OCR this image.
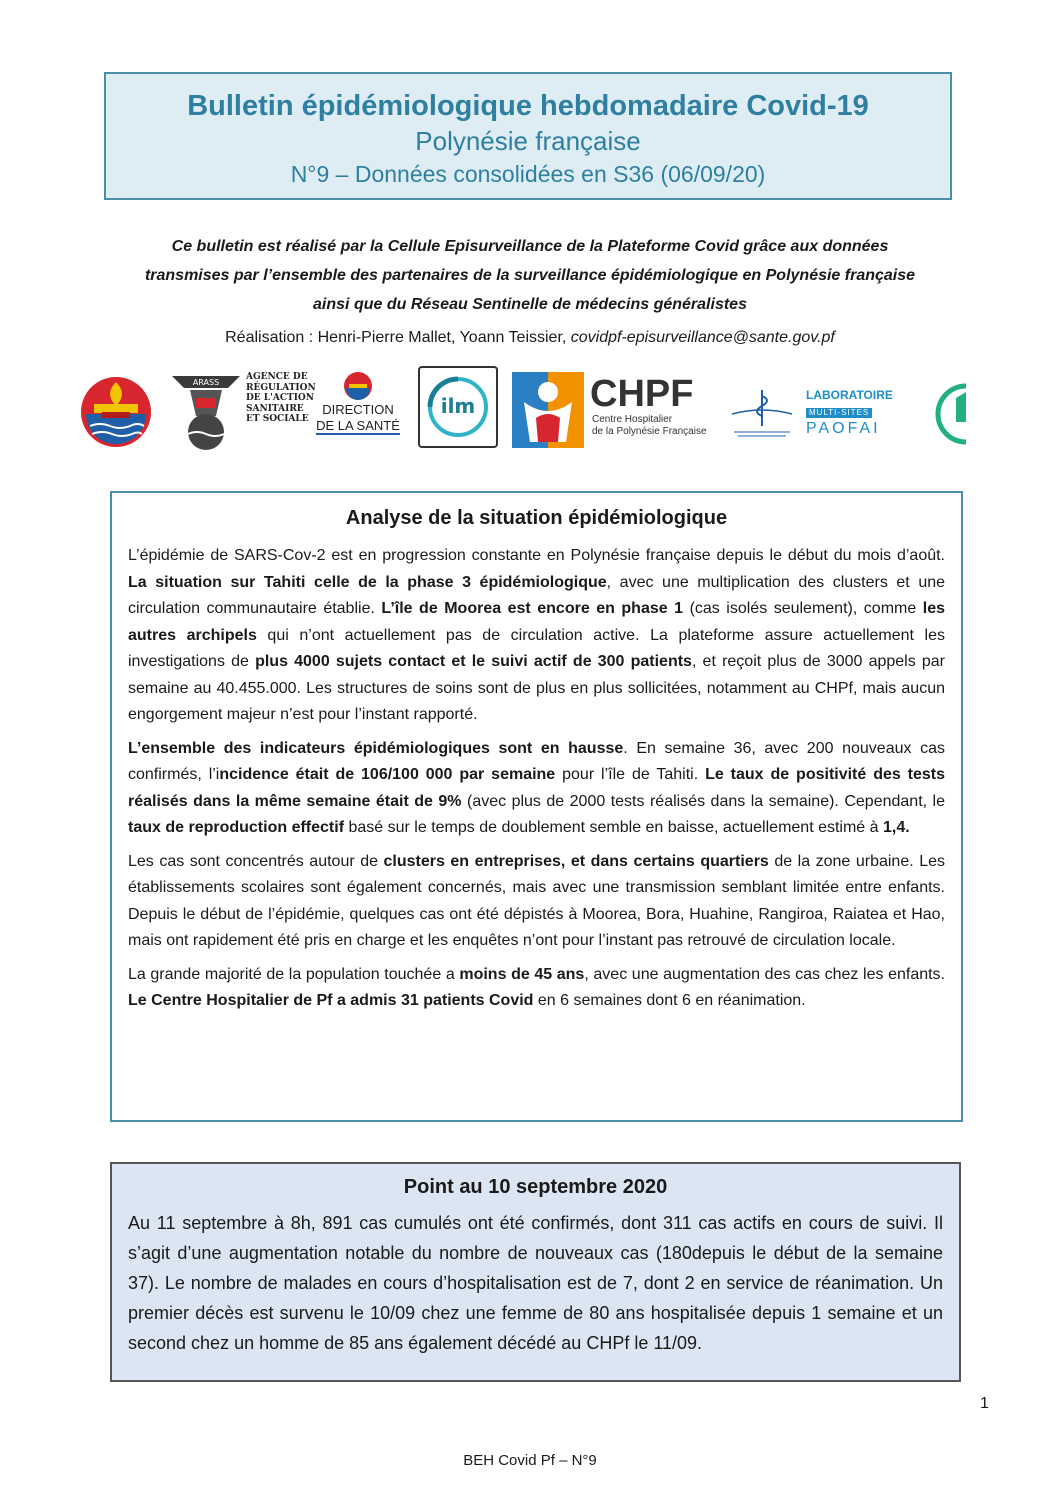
Bulletin épidémiologique hebdomadaire Covid-19
Polynésie française
N°9 – Données consolidées en S36 (06/09/20)
Ce bulletin est réalisé par la Cellule Episurveillance de la Plateforme Covid grâce aux données
transmises par l’ensemble des partenaires de la surveillance épidémiologique en Polynésie française
ainsi que du Réseau Sentinelle de médecins généralistes
Réalisation : Henri-Pierre Mallet, Yoann Teissier, covidpf-episurveillance@sante.gov.pf
ARASS
AGENCE DE
RÉGULATION
DE L'ACTION
SANITAIRE
ET SOCIALE
DIRECTION
DE LA SANTÉ
ilm	CHPF
Centre Hospitalier
de la Polynésie Française
LABORATOIRE
MULTI-SITES
PAOFAI
Analyse de la situation épidémiologique

L’épidémie de SARS-Cov-2 est en progression constante en Polynésie française depuis le début du mois d’août. La situation sur Tahiti celle de la phase 3 épidémiologique, avec une multiplication des clusters et une circulation communautaire établie. L’île de Moorea est encore en phase 1 (cas isolés seulement), comme les autres archipels qui n’ont actuellement pas de circulation active. La plateforme assure actuellement les investigations de plus 4000 sujets contact et le suivi actif de 300 patients, et reçoit plus de 3000 appels par semaine au 40.455.000. Les structures de soins sont de plus en plus sollicitées, notamment au CHPf, mais aucun engorgement majeur n’est pour l’instant rapporté.

L’ensemble des indicateurs épidémiologiques sont en hausse. En semaine 36, avec 200 nouveaux cas confirmés, l’incidence était de 106/100 000 par semaine pour l’île de Tahiti. Le taux de positivité des tests réalisés dans la même semaine était de 9% (avec plus de 2000 tests réalisés dans la semaine). Cependant, le taux de reproduction effectif basé sur le temps de doublement semble en baisse, actuellement estimé à 1,4.

Les cas sont concentrés autour de clusters en entreprises, et dans certains quartiers de la zone urbaine. Les établissements scolaires sont également concernés, mais avec une transmission semblant limitée entre enfants. Depuis le début de l’épidémie, quelques cas ont été dépistés à Moorea, Bora, Huahine, Rangiroa, Raiatea et Hao, mais ont rapidement été pris en charge et les enquêtes n’ont pour l’instant pas retrouvé de circulation locale.

La grande majorité de la population touchée a moins de 45 ans, avec une augmentation des cas chez les enfants. Le Centre Hospitalier de Pf a admis 31 patients Covid en 6 semaines dont 6 en réanimation.

Point au 10 septembre 2020

Au 11 septembre à 8h, 891 cas cumulés ont été confirmés, dont 311 cas actifs en cours de suivi. Il s’agit d’une augmentation notable du nombre de nouveaux cas (180depuis le début de la semaine 37). Le nombre de malades en cours d’hospitalisation est de 7, dont 2 en service de réanimation. Un premier décès est survenu le 10/09 chez une femme de 80 ans hospitalisée depuis 1 semaine et un second chez un homme de 85 ans également décédé au CHPf le 11/09.

1
BEH Covid Pf – N°9
